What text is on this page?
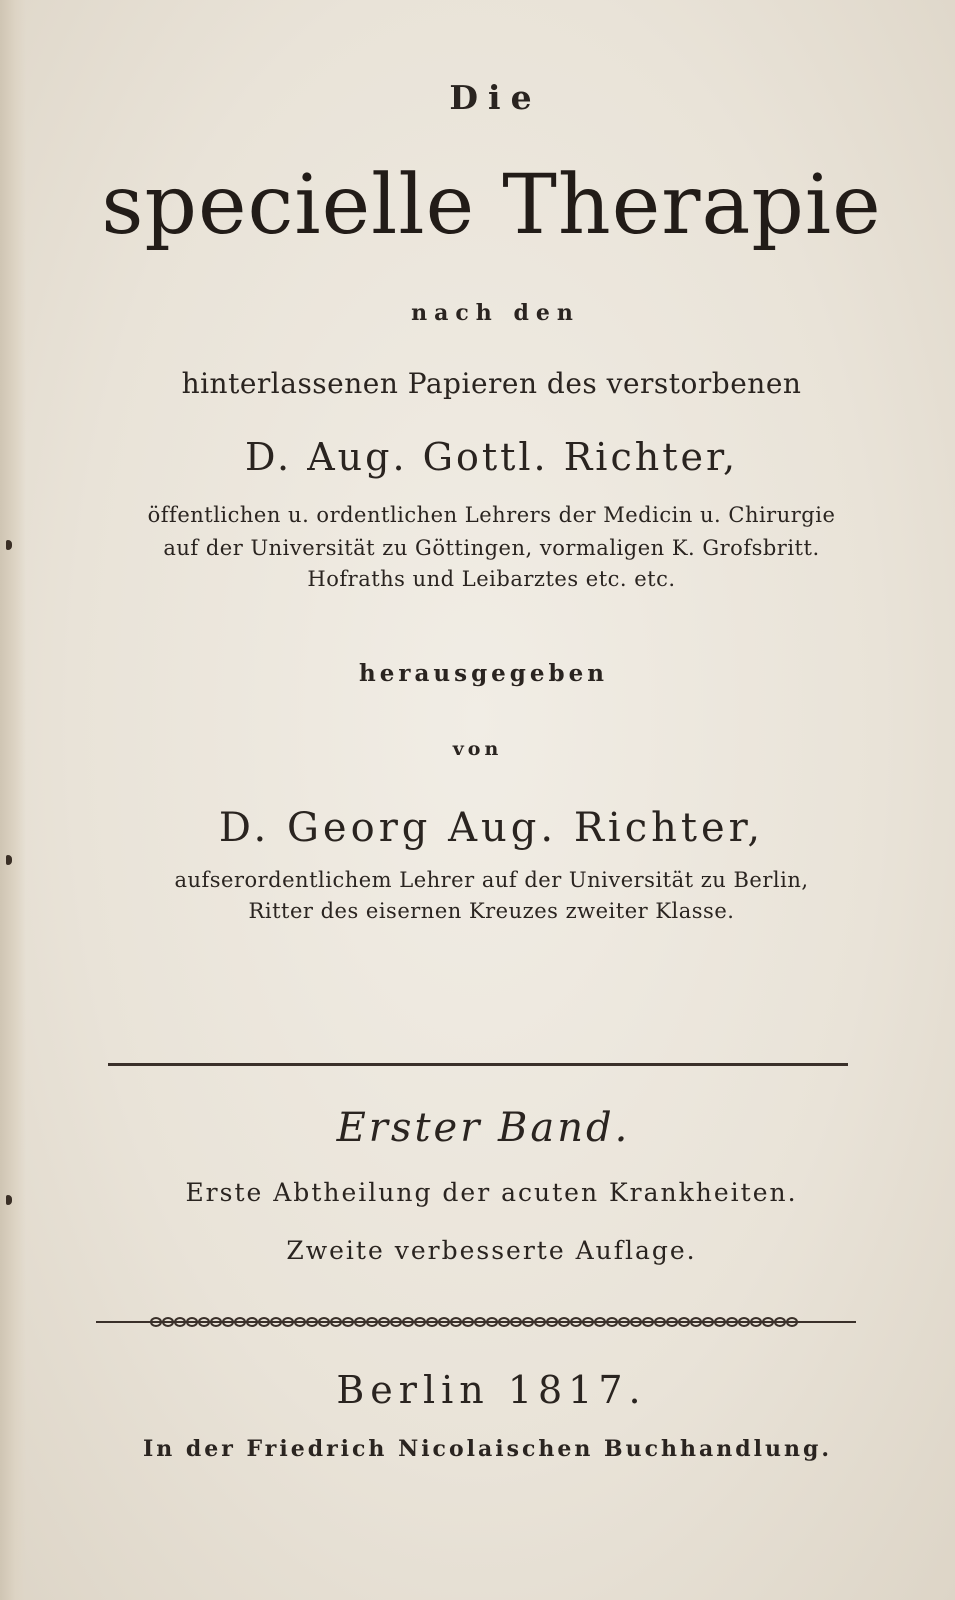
Die
specielle Therapie
nach den
hinterlassenen Papieren des verstorbenen
D. Aug. Gottl. Richter,
öffentlichen u. ordentlichen Lehrers der Medicin u. Chirurgie
auf der Universität zu Göttingen, vormaligen K. Grofsbritt.
Hofraths und Leibarztes etc. etc.
herausgegeben
von
D. Georg Aug. Richter,
aufserordentlichem Lehrer auf der Universität zu Berlin,
Ritter des eisernen Kreuzes zweiter Klasse.
Erster Band.
Erste Abtheilung der acuten Krankheiten.
Zweite verbesserte Auflage.
Berlin 1817.
In der Friedrich Nicolaischen Buchhandlung.
